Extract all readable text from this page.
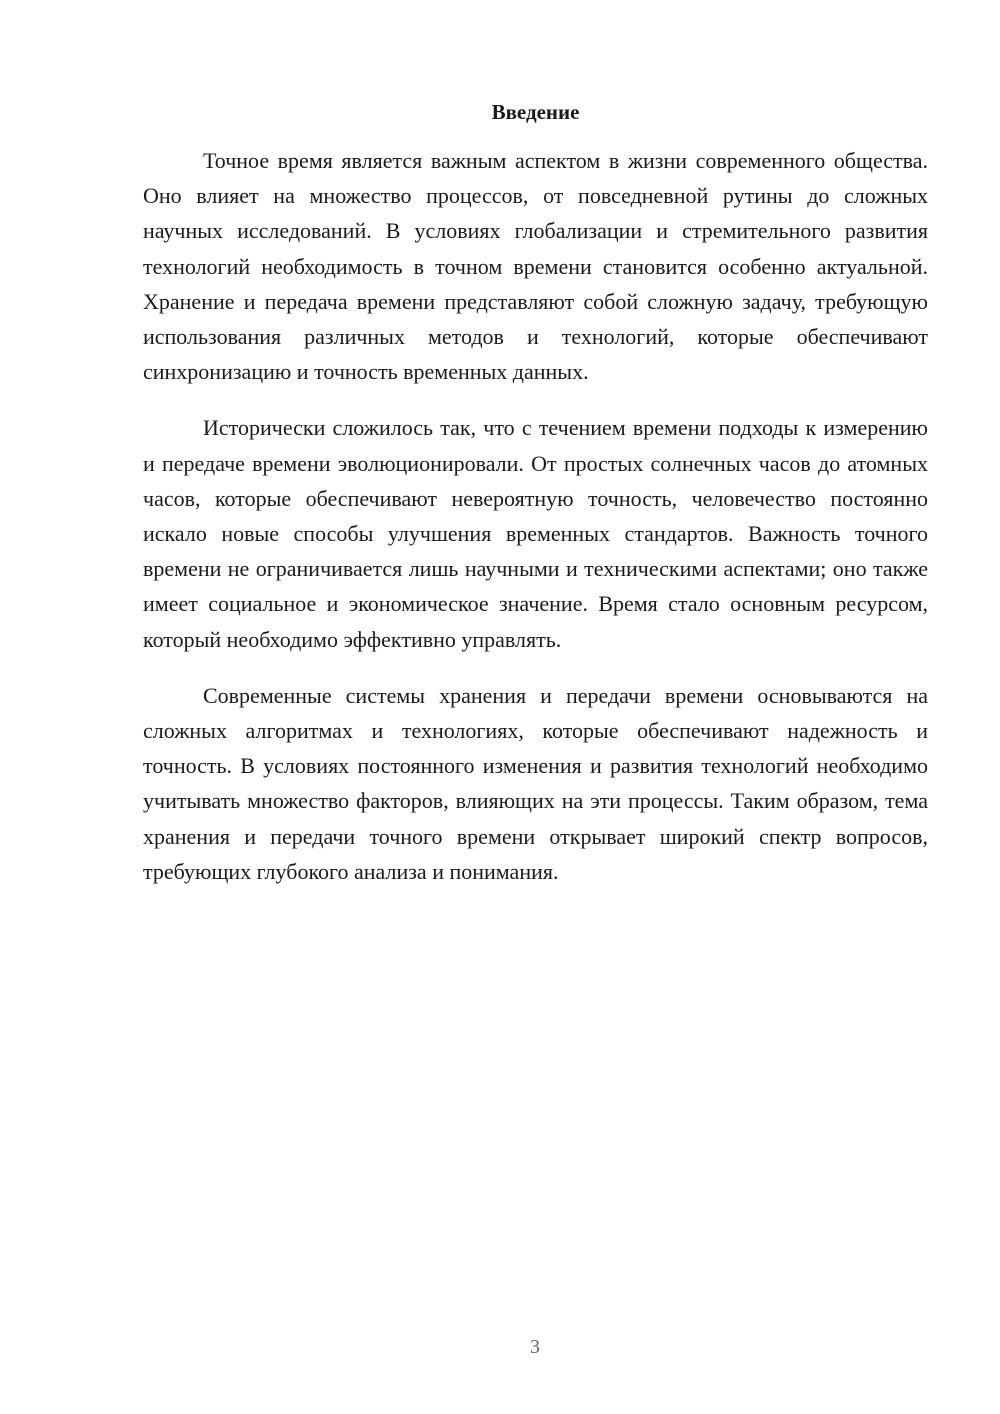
Введение

Точное время является важным аспектом в жизни современного общества. Оно влияет на множество процессов, от повседневной рутины до сложных научных исследований. В условиях глобализации и стремительного развития технологий необходимость в точном времени становится особенно актуальной. Хранение и передача времени представляют собой сложную задачу, требующую использования различных методов и технологий, которые обеспечивают синхронизацию и точность временных данных.

Исторически сложилось так, что с течением времени подходы к измерению и передаче времени эволюционировали. От простых солнечных часов до атомных часов, которые обеспечивают невероятную точность, человечество постоянно искало новые способы улучшения временных стандартов. Важность точного времени не ограничивается лишь научными и техническими аспектами; оно также имеет социальное и экономическое значение. Время стало основным ресурсом, который необходимо эффективно управлять.

Современные системы хранения и передачи времени основываются на сложных алгоритмах и технологиях, которые обеспечивают надежность и точность. В условиях постоянного изменения и развития технологий необходимо учитывать множество факторов, влияющих на эти процессы. Таким образом, тема хранения и передачи точного времени открывает широкий спектр вопросов, требующих глубокого анализа и понимания.

3
